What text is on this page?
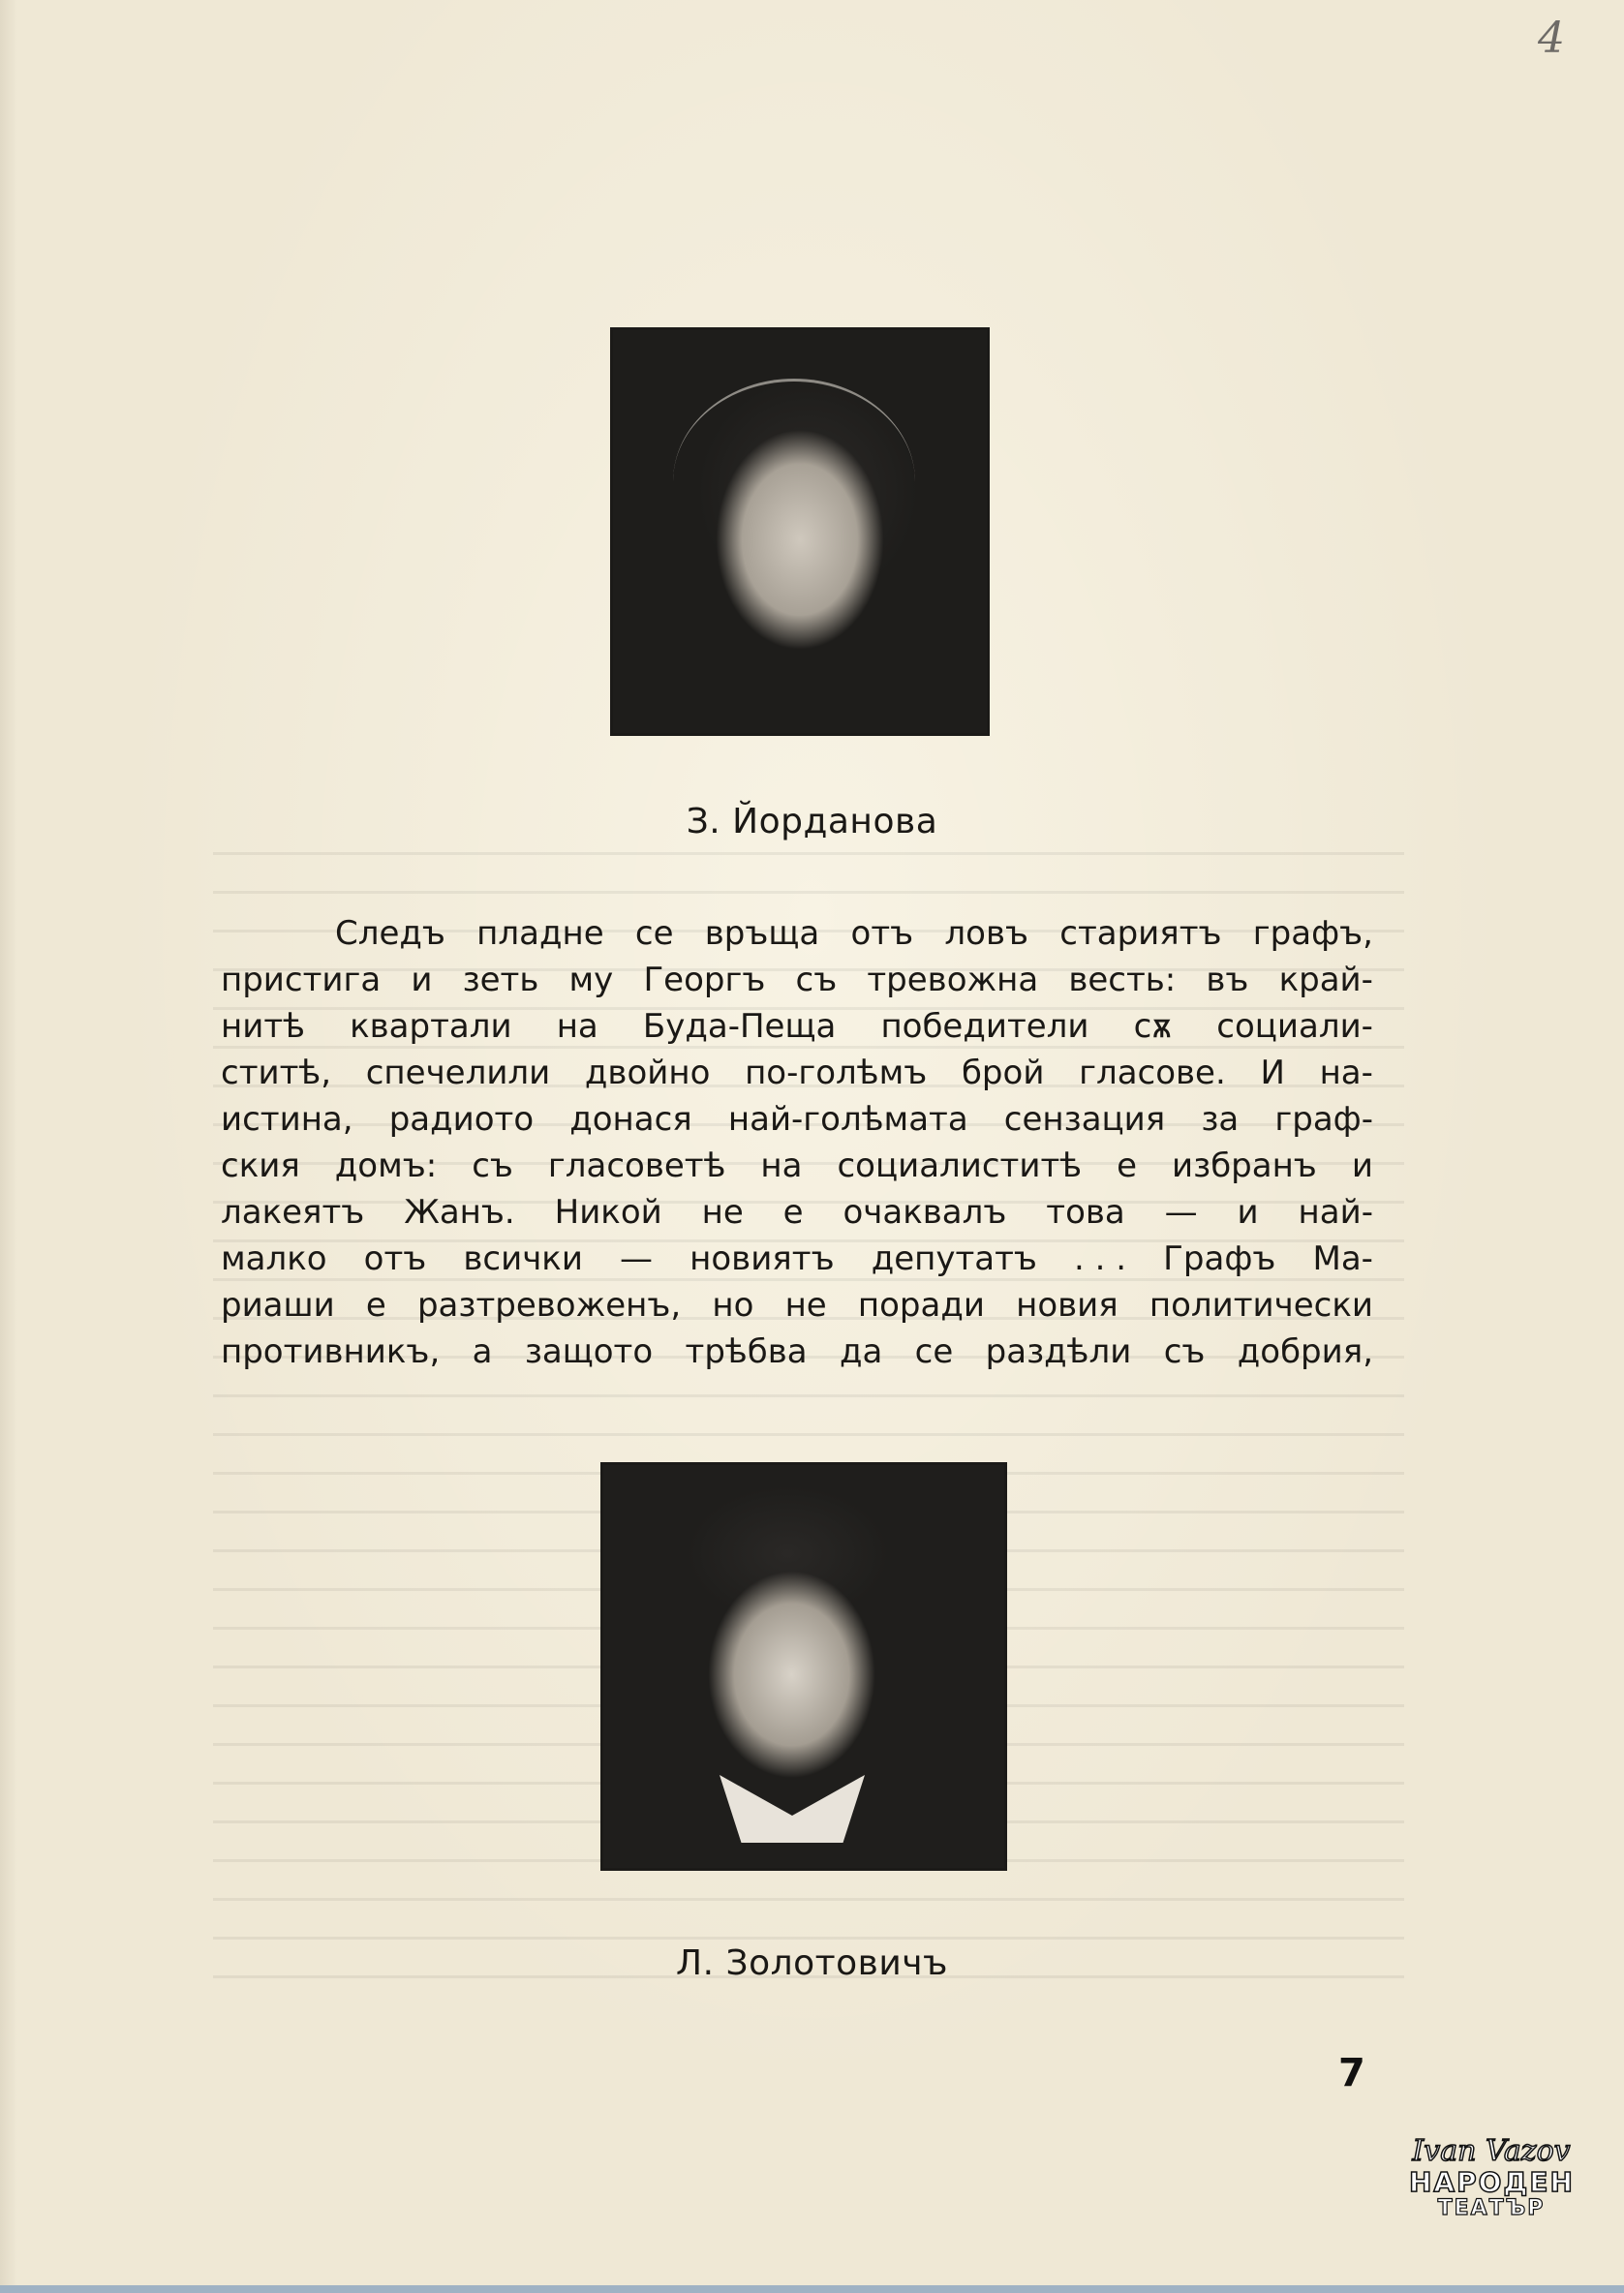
4
З. Йорданова
Следъ пладне се връща отъ ловъ стариятъ графъ,
пристига и зеть му Георгъ съ тревожна весть: въ край-
нитѣ квартали на Буда-Пеща победители сѫ социали-
ститѣ, спечелили двойно по-голѣмъ брой гласове. И на-
истина, радиото донася най-голѣмата сензация за граф-
ския домъ: съ гласоветѣ на социалиститѣ е избранъ и
лакеятъ Жанъ. Никой не е очаквалъ това — и най-
малко отъ всички — новиятъ депутатъ . . . Графъ Ма-
риаши е разтревоженъ, но не поради новия политически
противникъ, а защото трѣбва да се раздѣли съ добрия,
Л. Золотовичъ
7
Ivan Vazov
НАРОДЕН
ТЕАТЪР
